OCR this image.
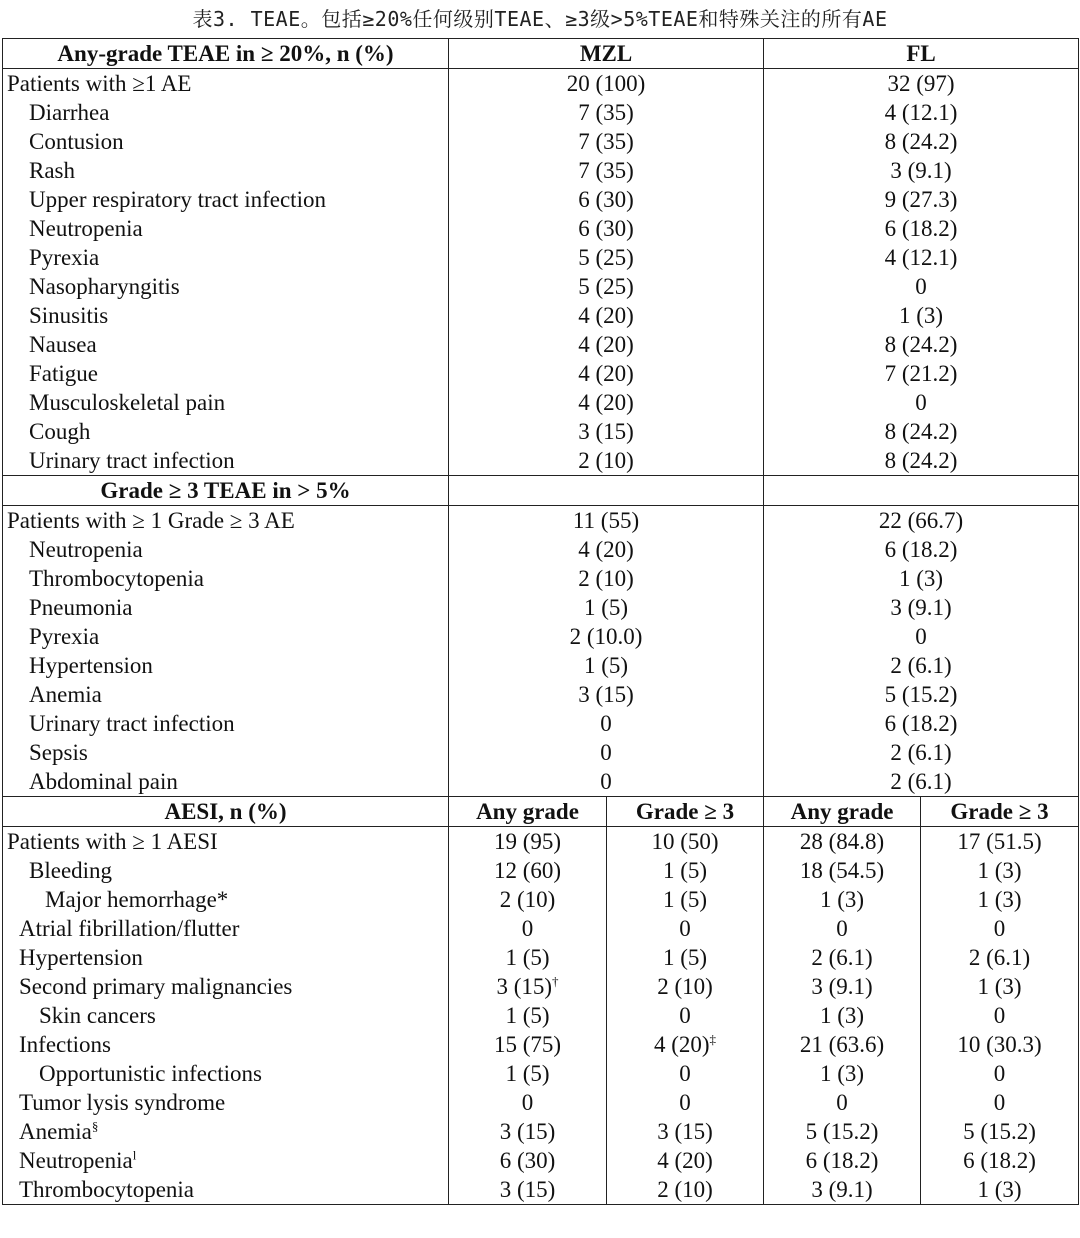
表3. TEAE。包括≥20%任何级别TEAE、≥3级>5%TEAE和特殊关注的所有AE
Any-grade TEAE in ≥ 20%, n (%)	MZL		FL	
Patients with ≥1 AE	20 (100)		32 (97)	
Diarrhea	7 (35)		4 (12.1)	
Contusion	7 (35)		8 (24.2)	
Rash	7 (35)		3 (9.1)	
Upper respiratory tract infection	6 (30)		9 (27.3)	
Neutropenia	6 (30)		6 (18.2)	
Pyrexia	5 (25)		4 (12.1)	
Nasopharyngitis	5 (25)		0	
Sinusitis	4 (20)		1 (3)	
Nausea	4 (20)		8 (24.2)	
Fatigue	4 (20)		7 (21.2)	
Musculoskeletal pain	4 (20)		0	
Cough	3 (15)		8 (24.2)	
Urinary tract infection	2 (10)		8 (24.2)	
Grade ≥ 3 TEAE in > 5%				
Patients with ≥ 1 Grade ≥ 3 AE	11 (55)		22 (66.7)	
Neutropenia	4 (20)		6 (18.2)	
Thrombocytopenia	2 (10)		1 (3)	
Pneumonia	1 (5)		3 (9.1)	
Pyrexia	2 (10.0)		0	
Hypertension	1 (5)		2 (6.1)	
Anemia	3 (15)		5 (15.2)	
Urinary tract infection	0		6 (18.2)	
Sepsis	0		2 (6.1)	
Abdominal pain	0		2 (6.1)	
AESI, n (%)	Any grade	Grade ≥ 3	Any grade	Grade ≥ 3
Patients with ≥ 1 AESI	19 (95)	10 (50)	28 (84.8)	17 (51.5)
Bleeding	12 (60)	1 (5)	18 (54.5)	1 (3)
Major hemorrhage*	2 (10)	1 (5)	1 (3)	1 (3)
Atrial fibrillation/flutter	0	0	0	0
Hypertension	1 (5)	1 (5)	2 (6.1)	2 (6.1)
Second primary malignancies	3 (15)†	2 (10)	3 (9.1)	1 (3)
Skin cancers	1 (5)	0	1 (3)	0
Infections	15 (75)	4 (20)‡	21 (63.6)	10 (30.3)
Opportunistic infections	1 (5)	0	1 (3)	0
Tumor lysis syndrome	0	0	0	0
Anemia§	3 (15)	3 (15)	5 (15.2)	5 (15.2)
Neutropenia$^l$	6 (30)	4 (20)	6 (18.2)	6 (18.2)
Thrombocytopenia	3 (15)	2 (10)	3 (9.1)	1 (3)
